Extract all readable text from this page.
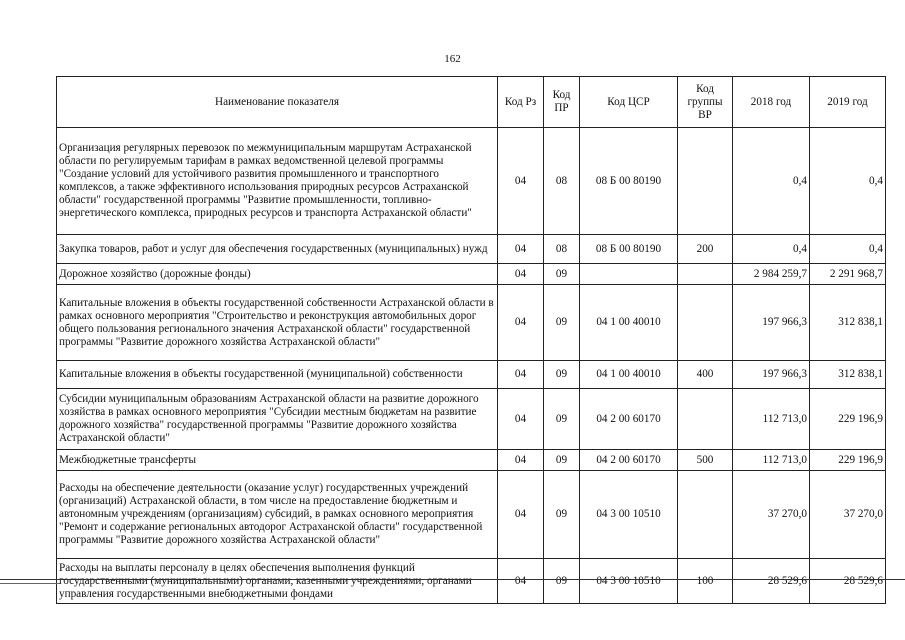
162
Наименование показателя	Код Рз	Код ПР	Код ЦСР	Код группы ВР	2018 год	2019 год
Организация регулярных перевозок по межмуниципальным маршрутам Астраханской области по регулируемым тарифам в рамках ведомственной целевой программы "Создание условий для устойчивого развития промышленного и транспортного комплексов, а также эффективного использования природных ресурсов Астраханской области" государственной программы "Развитие промышленности, топливно-энергетического комплекса, природных ресурсов и транспорта Астраханской области"	04	08	08 Б 00 80190		0,4	0,4
Закупка товаров, работ и услуг для обеспечения государственных (муниципальных) нужд	04	08	08 Б 00 80190	200	0,4	0,4
Дорожное хозяйство (дорожные фонды)	04	09			2 984 259,7	2 291 968,7
Капитальные вложения в объекты государственной собственности Астраханской области в рамках основного мероприятия "Строительство и реконструкция автомобильных дорог общего пользования регионального значения Астраханской области" государственной программы "Развитие дорожного хозяйства Астраханской области"	04	09	04 1 00 40010		197 966,3	312 838,1
Капитальные вложения в объекты государственной (муниципальной) собственности	04	09	04 1 00 40010	400	197 966,3	312 838,1
Субсидии муниципальным образованиям Астраханской области на развитие дорожного хозяйства в рамках основного мероприятия "Субсидии местным бюджетам на развитие дорожного хозяйства" государственной программы "Развитие дорожного хозяйства Астраханской области"	04	09	04 2 00 60170		112 713,0	229 196,9
Межбюджетные трансферты	04	09	04 2 00 60170	500	112 713,0	229 196,9
Расходы на обеспечение деятельности (оказание услуг) государственных учреждений (организаций) Астраханской области, в том числе на предоставление бюджетным и автономным учреждениям (организациям) субсидий, в рамках основного мероприятия "Ремонт и содержание региональных автодорог Астраханской области" государственной программы "Развитие дорожного хозяйства Астраханской области"	04	09	04 3 00 10510		37 270,0	37 270,0
Расходы на выплаты персоналу в целях обеспечения выполнения функций государственными (муниципальными) органами, казенными учреждениями, органами управления государственными внебюджетными фондами	04	09	04 3 00 10510	100	28 529,6	28 529,6
